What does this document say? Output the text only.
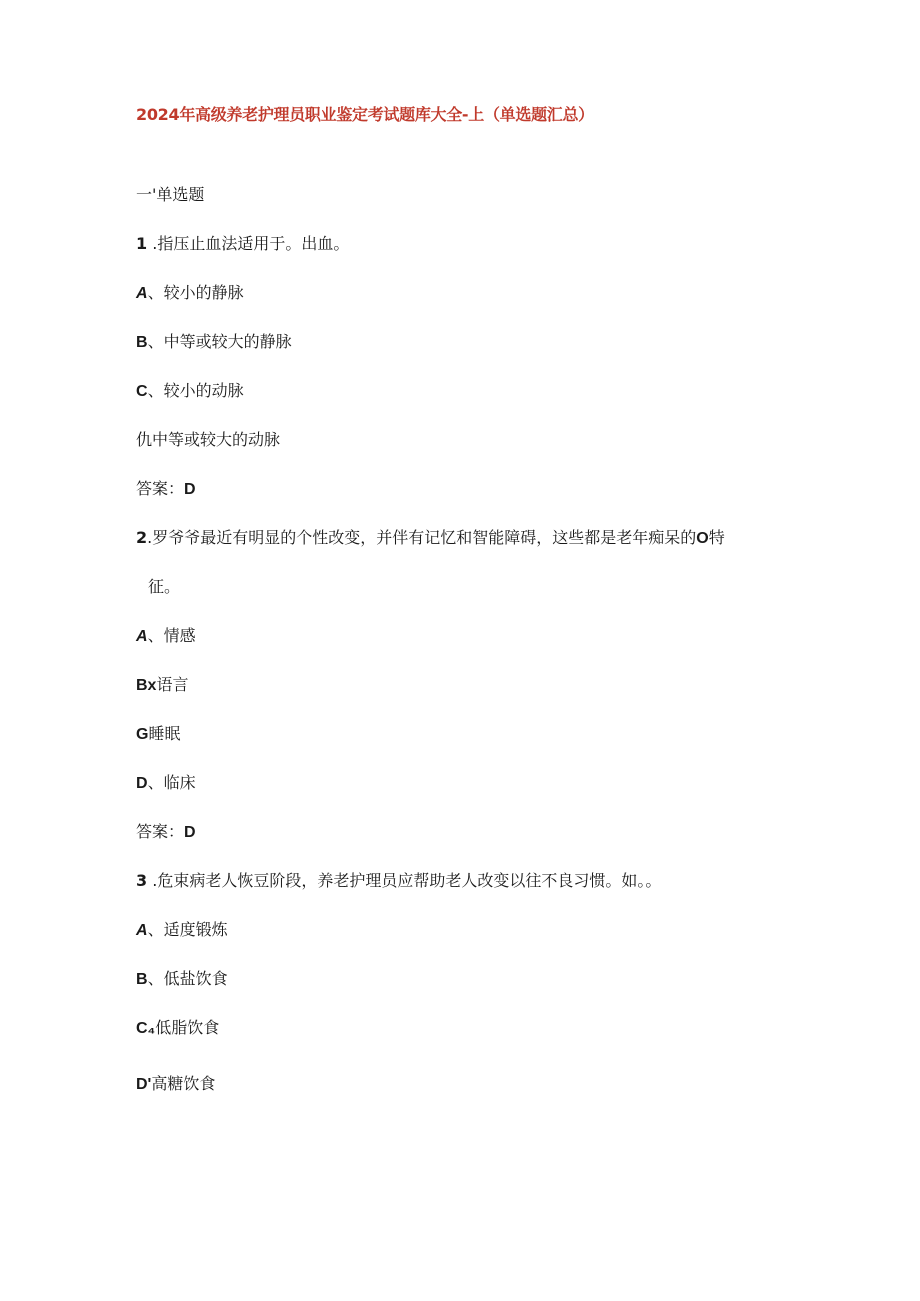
2024年高级养老护理员职业鉴定考试题库大全-上（单选题汇总）
一'单选题
1 .指压止血法适用于。出血。
A、较小的静脉
B、中等或较大的静脉
C、较小的动脉
仇中等或较大的动脉
答案：D
2.罗爷爷最近有明显的个性改变，并伴有记忆和智能障碍，这些都是老年痴呆的O特
征。
A、情感
Bx语言
G睡眠
D、临床
答案：D
3 .危束病老人恢豆阶段，养老护理员应帮助老人改变以往不良习惯。如。。
A、适度锻炼
B、低盐饮食
C₄低脂饮食
D'高糖饮食
